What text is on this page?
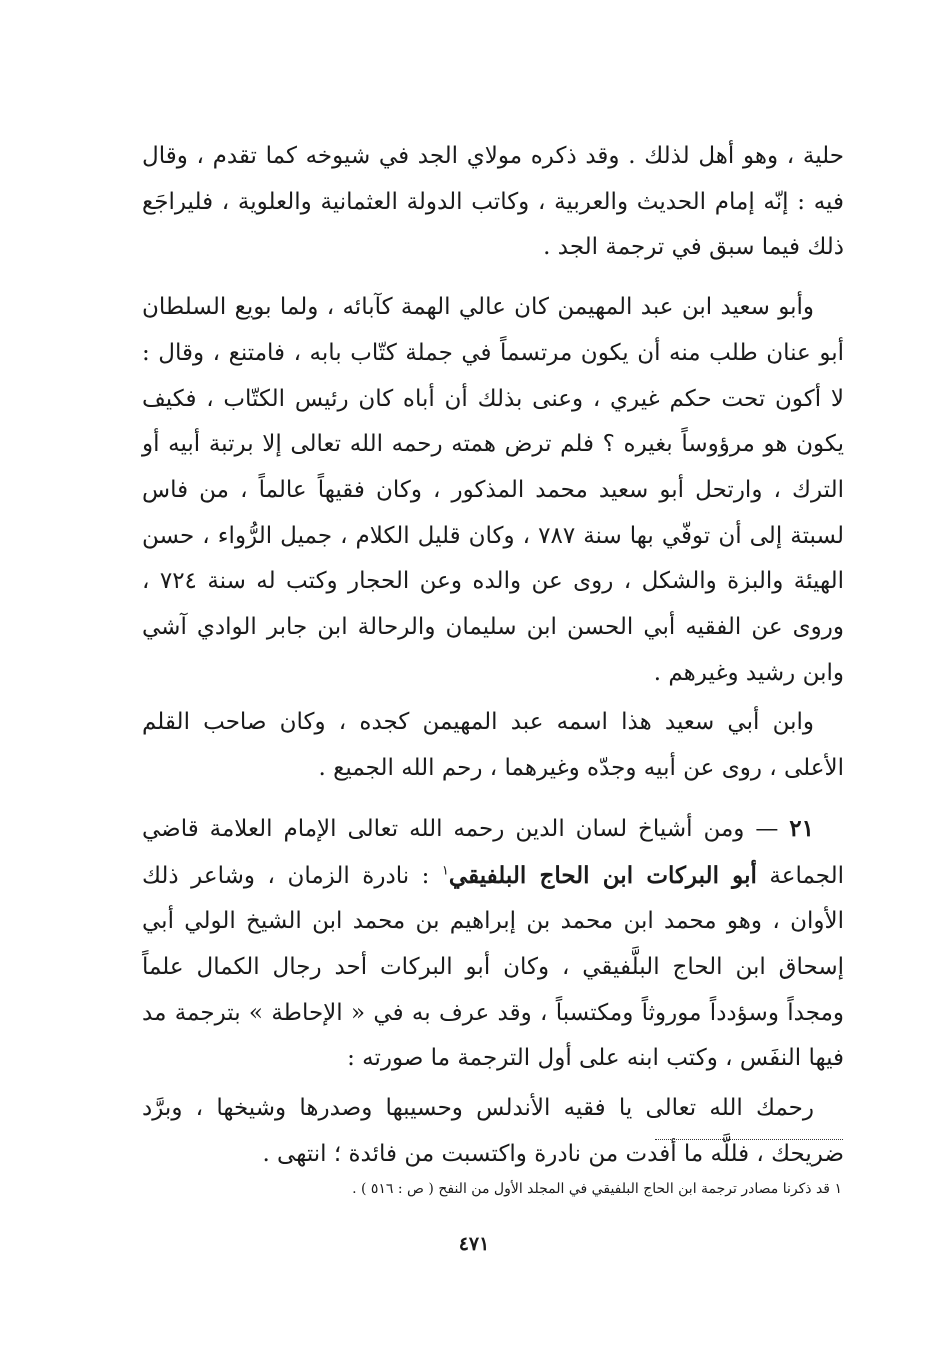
حلية ، وهو أهل لذلك . وقد ذكره مولاي الجد في شيوخه كما تقدم ، وقال فيه : إنّه إمام الحديث والعربية ، وكاتب الدولة العثمانية والعلوية ، فليراجَع ذلك فيما سبق في ترجمة الجد .

وأبو سعيد ابن عبد المهيمن كان عالي الهمة كآبائه ، ولما بويع السلطان أبو عنان طلب منه أن يكون مرتسماً في جملة كتّاب بابه ، فامتنع ، وقال : لا أكون تحت حكم غيري ، وعنى بذلك أن أباه كان رئيس الكتّاب ، فكيف يكون هو مرؤوساً بغيره ؟ فلم ترض همته رحمه الله تعالى إلا برتبة أبيه أو الترك ، وارتحل أبو سعيد محمد المذكور ، وكان فقيهاً عالماً ، من فاس لسبتة إلى أن توفّي بها سنة ٧٨٧ ، وكان قليل الكلام ، جميل الرُّواء ، حسن الهيئة والبزة والشكل ، روى عن والده وعن الحجار وكتب له سنة ٧٢٤ ، وروى عن الفقيه أبي الحسن ابن سليمان والرحالة ابن جابر الوادي آشي وابن رشيد وغيرهم .

وابن أبي سعيد هذا اسمه عبد المهيمن كجده ، وكان صاحب القلم الأعلى ، روى عن أبيه وجدّه وغيرهما ، رحم الله الجميع .

٢١ — ومن أشياخ لسان الدين رحمه الله تعالى الإمام العلامة قاضي الجماعة أبو البركات ابن الحاج البلفيقي$^١$ : نادرة الزمان ، وشاعر ذلك الأوان ، وهو محمد ابن محمد بن إبراهيم بن محمد ابن الشيخ الولي أبي إسحاق ابن الحاج البلَّفيقي ، وكان أبو البركات أحد رجال الكمال علماً ومجداً وسؤدداً موروثاً ومكتسباً ، وقد عرف به في « الإحاطة » بترجمة مد فيها النفَس ، وكتب ابنه على أول الترجمة ما صورته :

رحمك الله تعالى يا فقيه الأندلس وحسيبها وصدرها وشيخها ، وبرَّد ضريحك ، فللَّه ما أفدت من نادرة واكتسبت من فائدة ؛ انتهى .

١ قد ذكرنا مصادر ترجمة ابن الحاج البلفيقي في المجلد الأول من النفح ( ص : ٥١٦ ) .
٤٧١
